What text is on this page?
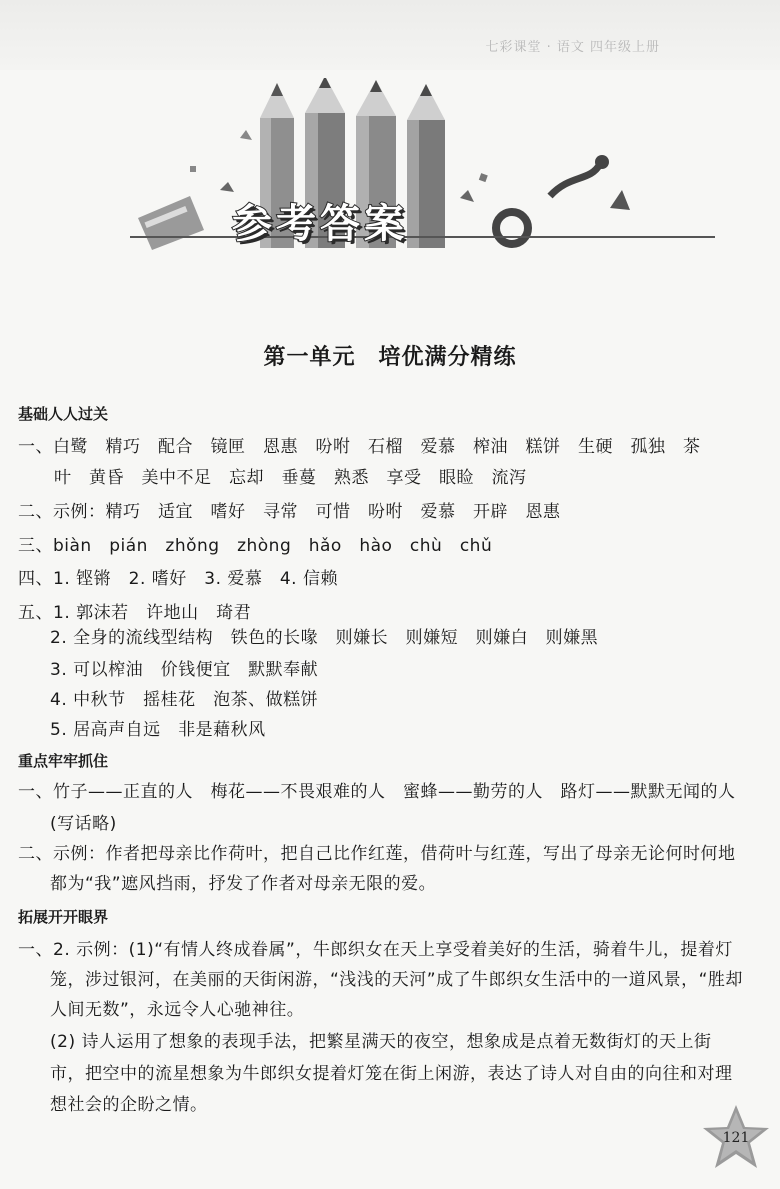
七彩课堂 · 语文 四年级上册
参考答案
第一单元　培优满分精练
基础人人过关
一、白鹭　精巧　配合　镜匣　恩惠　吩咐　石榴　爱慕　榨油　糕饼　生硬　孤独　茶
叶　黄昏　美中不足　忘却　垂蔓　熟悉　享受　眼睑　流泻
二、示例：精巧　适宜　嗜好　寻常　可惜　吩咐　爱慕　开辟　恩惠
三、biàn　pián　zhǒng　zhòng　hǎo　hào　chù　chǔ
四、1. 铿锵　2. 嗜好　3. 爱慕　4. 信赖
五、1. 郭沫若　许地山　琦君
2. 全身的流线型结构　铁色的长喙　则嫌长　则嫌短　则嫌白　则嫌黑
3. 可以榨油　价钱便宜　默默奉献
4. 中秋节　摇桂花　泡茶、做糕饼
5. 居高声自远　非是藉秋风
重点牢牢抓住
一、竹子——正直的人　梅花——不畏艰难的人　蜜蜂——勤劳的人　路灯——默默无闻的人
(写话略)
二、示例：作者把母亲比作荷叶，把自己比作红莲，借荷叶与红莲，写出了母亲无论何时何地
都为“我”遮风挡雨，抒发了作者对母亲无限的爱。
拓展开开眼界
一、2. 示例：(1)“有情人终成眷属”，牛郎织女在天上享受着美好的生活，骑着牛儿，提着灯
笼，涉过银河，在美丽的天街闲游，“浅浅的天河”成了牛郎织女生活中的一道风景，“胜却
人间无数”，永远令人心驰神往。
(2) 诗人运用了想象的表现手法，把繁星满天的夜空，想象成是点着无数街灯的天上街
市，把空中的流星想象为牛郎织女提着灯笼在街上闲游，表达了诗人对自由的向往和对理
想社会的企盼之情。
121
